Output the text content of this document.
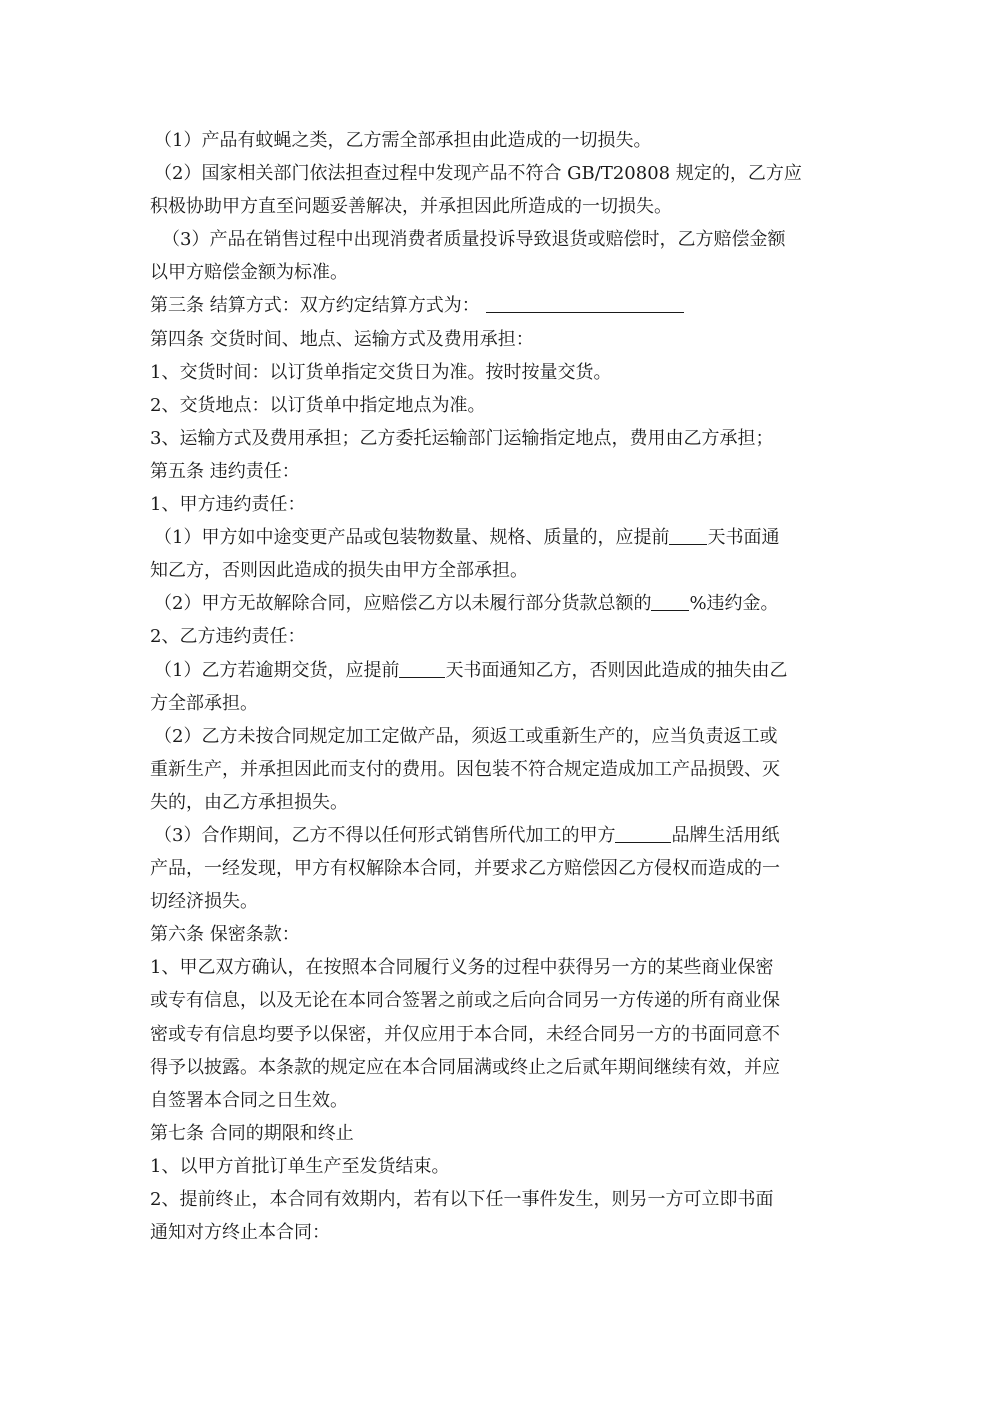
（1）产品有蚊蝇之类，乙方需全部承担由此造成的一切损失。
（2）国家相关部门依法担查过程中发现产品不符合 GB/T20808 规定的，乙方应
积极协助甲方直至问题妥善解决，并承担因此所造成的一切损失。
（3）产品在销售过程中出现消费者质量投诉导致退货或赔偿时，乙方赔偿金额
以甲方赔偿金额为标准。
第三条 结算方式：双方约定结算方式为：
第四条 交货时间、地点、运输方式及费用承担：
1、交货时间：以订货单指定交货日为准。按时按量交货。
2、交货地点：以订货单中指定地点为准。
3、运输方式及费用承担；乙方委托运输部门运输指定地点，费用由乙方承担；
第五条 违约责任：
1、甲方违约责任：
（1）甲方如中途变更产品或包装物数量、规格、质量的，应提前 天书面通
知乙方，否则因此造成的损失由甲方全部承担。
（2）甲方无故解除合同，应赔偿乙方以未履行部分货款总额的 %违约金。
2、乙方违约责任：
（1）乙方若逾期交货，应提前	天书面通知乙方，否则因此造成的抽失由乙
方全部承担。
（2）乙方未按合同规定加工定做产品，须返工或重新生产的，应当负责返工或
重新生产，并承担因此而支付的费用。因包装不符合规定造成加工产品损毁、灭
失的，由乙方承担损失。
（3）合作期间，乙方不得以任何形式销售所代加工的甲方	品牌生活用纸
产品，一经发现，甲方有权解除本合同，并要求乙方赔偿因乙方侵权而造成的一
切经济损失。
第六条 保密条款：
1、甲乙双方确认，在按照本合同履行义务的过程中获得另一方的某些商业保密
或专有信息，以及无论在本同合签署之前或之后向合同另一方传递的所有商业保
密或专有信息均要予以保密，并仅应用于本合同，未经合同另一方的书面同意不
得予以披露。本条款的规定应在本合同届满或终止之后贰年期间继续有效，并应
自签署本合同之日生效。
第七条 合同的期限和终止
1、以甲方首批订单生产至发货结束。
2、提前终止，本合同有效期内，若有以下任一事件发生，则另一方可立即书面
通知对方终止本合同：
